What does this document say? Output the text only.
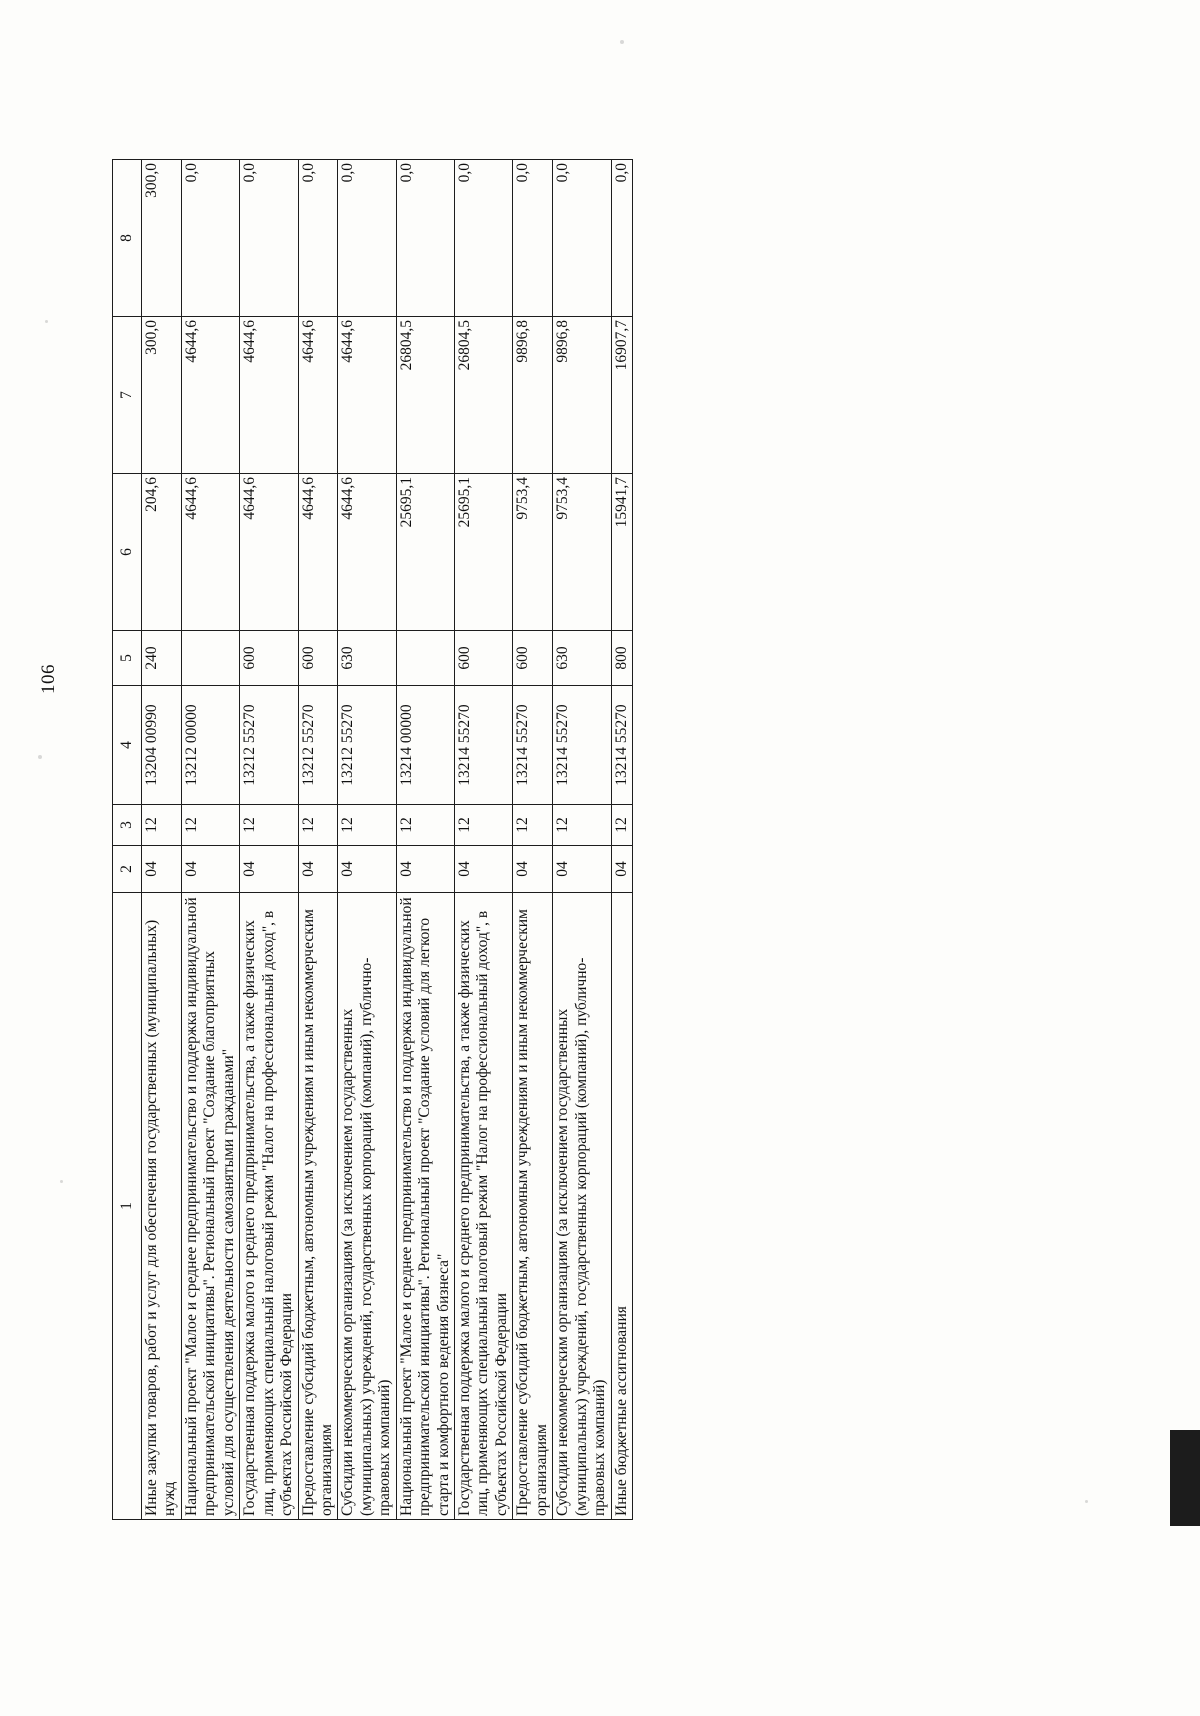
106
1	2	3	4	5	6	7	8
Иные закупки товаров, работ и услуг для обеспечения государственных (муниципальных) нужд	04	12	13204 00990	240	204,6	300,0	300,0
Национальный проект "Малое и среднее предпринимательство и поддержка индивидуальной предпринимательской инициативы". Региональный проект "Создание благоприятных условий для осуществления деятельности самозанятыми гражданами"	04	12	13212 00000		4644,6	4644,6	0,0
Государственная поддержка малого и среднего предпринимательства, а также физических лиц, применяющих специальный налоговый режим "Налог на профессиональный доход", в субъектах Российской Федерации	04	12	13212 55270	600	4644,6	4644,6	0,0
Предоставление субсидий бюджетным, автономным учреждениям и иным некоммерческим организациям	04	12	13212 55270	600	4644,6	4644,6	0,0
Субсидии некоммерческим организациям (за исключением государственных (муниципальных) учреждений, государственных корпораций (компаний), публично-правовых компаний)	04	12	13212 55270	630	4644,6	4644,6	0,0
Национальный проект "Малое и среднее предпринимательство и поддержка индивидуальной предпринимательской инициативы". Региональный проект "Создание условий для легкого старта и комфортного ведения бизнеса"	04	12	13214 00000		25695,1	26804,5	0,0
Государственная поддержка малого и среднего предпринимательства, а также физических лиц, применяющих специальный налоговый режим "Налог на профессиональный доход", в субъектах Российской Федерации	04	12	13214 55270	600	25695,1	26804,5	0,0
Предоставление субсидий бюджетным, автономным учреждениям и иным некоммерческим организациям	04	12	13214 55270	600	9753,4	9896,8	0,0
Субсидии некоммерческим организациям (за исключением государственных (муниципальных) учреждений, государственных корпораций (компаний), публично-правовых компаний)	04	12	13214 55270	630	9753,4	9896,8	0,0
Иные бюджетные ассигнования	04	12	13214 55270	800	15941,7	16907,7	0,0
